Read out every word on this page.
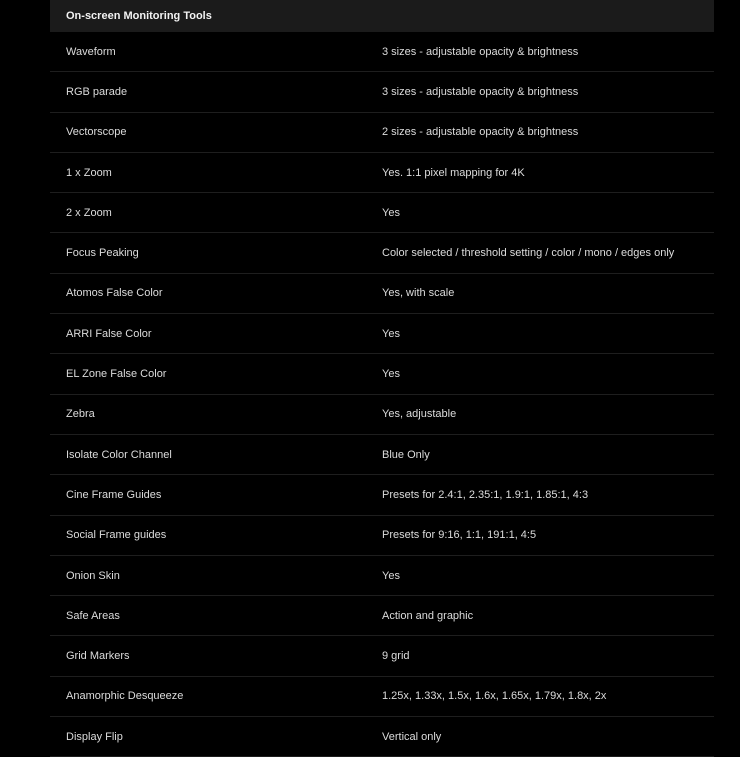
On-screen Monitoring Tools
Waveform	3 sizes - adjustable opacity & brightness
RGB parade	3 sizes - adjustable opacity & brightness
Vectorscope	2 sizes - adjustable opacity & brightness
1 x Zoom	Yes. 1:1 pixel mapping for 4K
2 x Zoom	Yes
Focus Peaking	Color selected / threshold setting / color / mono / edges only
Atomos False Color	Yes, with scale
ARRI False Color	Yes
EL Zone False Color	Yes
Zebra	Yes, adjustable
Isolate Color Channel	Blue Only
Cine Frame Guides	Presets for 2.4:1, 2.35:1, 1.9:1, 1.85:1, 4:3
Social Frame guides	Presets for 9:16, 1:1, 191:1, 4:5
Onion Skin	Yes
Safe Areas	Action and graphic
Grid Markers	9 grid
Anamorphic Desqueeze	1.25x, 1.33x, 1.5x, 1.6x, 1.65x, 1.79x, 1.8x, 2x
Display Flip	Vertical only
